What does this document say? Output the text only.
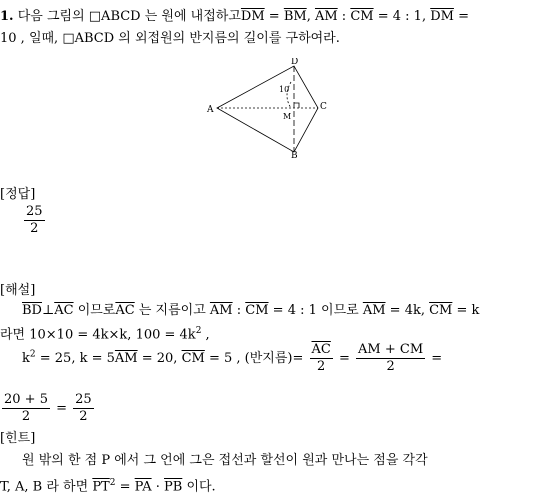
1. 다음 그림의 □ABCD 는 원에 내접하고$\overline{DM} = \overline{BM}$, $\overline{AM}$ : $\overline{CM} = 4$ : 1, $\overline{DM}$ =
10 , 일때, □ABCD 의 외접원의 반지름의 길이를 구하여라.
A
D
C
B
10
M
[정답]
$\frac{25}{2}$
[해설]
$\overline{BD}\perp\overline{AC}$ 이므로$\overline{AC}$ 는 지름이고 $\overline{AM}$ : $\overline{CM} = 4$ : 1 이므로 $\overline{AM} = 4k$, $\overline{CM} = k$
라면 10×10 = 4k×k, $100 = 4k^2$ ,
$k^2 = 25$, $k = 5\overline{AM} = 20$, $\overline{CM} = 5$ , (반지름)= $\frac{\overline{AC}}{2} = \frac{AM + CM}{2}$ =
$\frac{20 + 5}{2} = \frac{25}{2}$
[힌트]
원 밖의 한 점 P 에서 그 언에 그은 접선과 할선이 원과 만나는 점을 각각
T, A, B 라 하면 $\overline{PT}^2 = \overline{PA} \cdot \overline{PB}$ 이다.
